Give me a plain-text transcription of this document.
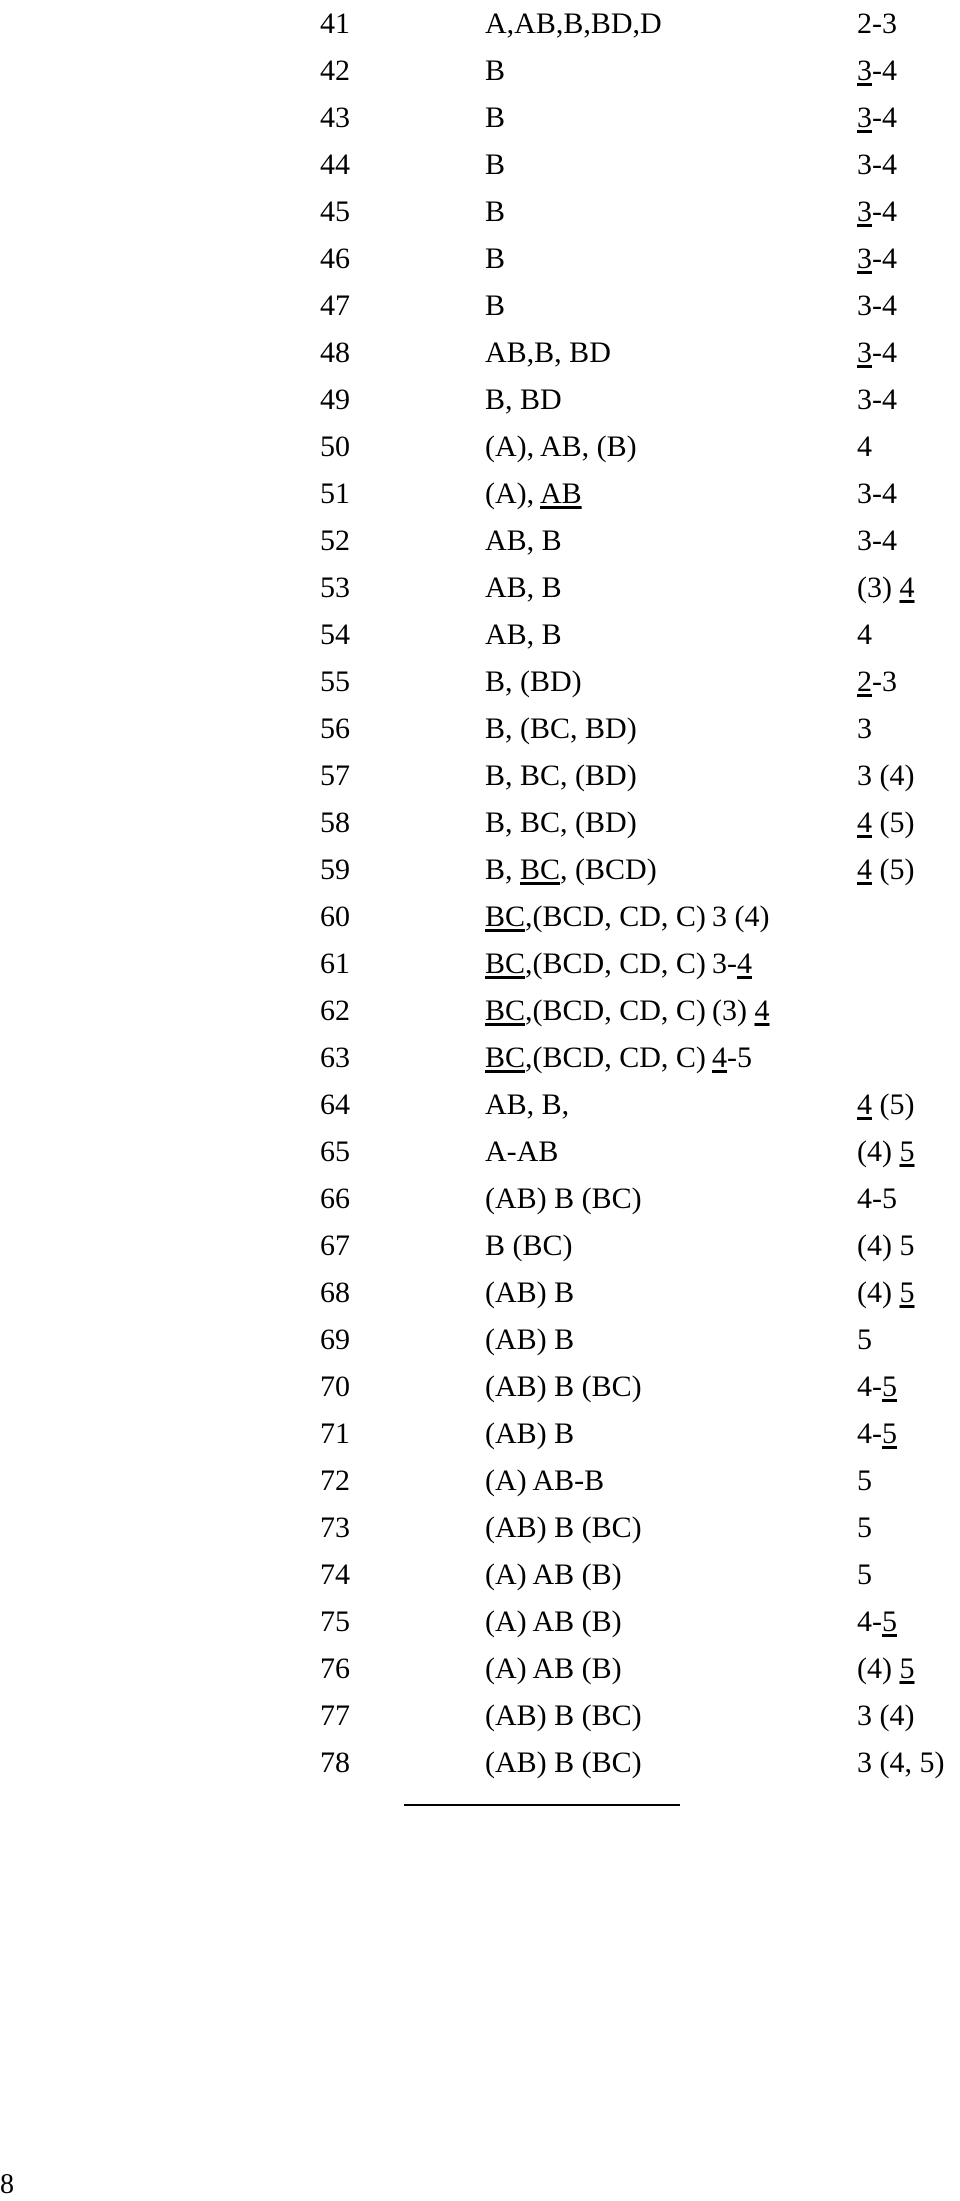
41	A,AB,B,BD,D	2-3
42	B	3-4
43	B	3-4
44	B	3-4
45	B	3-4
46	B	3-4
47	B	3-4
48	AB,B, BD	3-4
49	B, BD	3-4
50	(A), AB, (B)	4
51	(A), AB	3-4
52	AB, B	3-4
53	AB, B	(3) 4
54	AB, B	4
55	B, (BD)	2-3
56	B, (BC, BD)	3
57	B, BC, (BD)	3 (4)
58	B, BC, (BD)	4 (5)
59	B, BC, (BCD)	4 (5)
60	BC,(BCD, CD, C) 3 (4)
61	BC,(BCD, CD, C) 3-4
62	BC,(BCD, CD, C) (3) 4
63	BC,(BCD, CD, C) 4-5
64	AB, B,	4 (5)
65	A-AB	(4) 5
66	(AB) B (BC)	4-5
67	B (BC)	(4) 5
68	(AB) B	(4) 5
69	(AB) B	5
70	(AB) B (BC)	4-5
71	(AB) B	4-5
72	(A) AB-B	5
73	(AB) B (BC)	5
74	(A) AB (B)	5
75	(A) AB (B)	4-5
76	(A) AB (B)	(4) 5
77	(AB) B (BC)	3 (4)
78	(AB) B (BC)	3 (4, 5)
8
